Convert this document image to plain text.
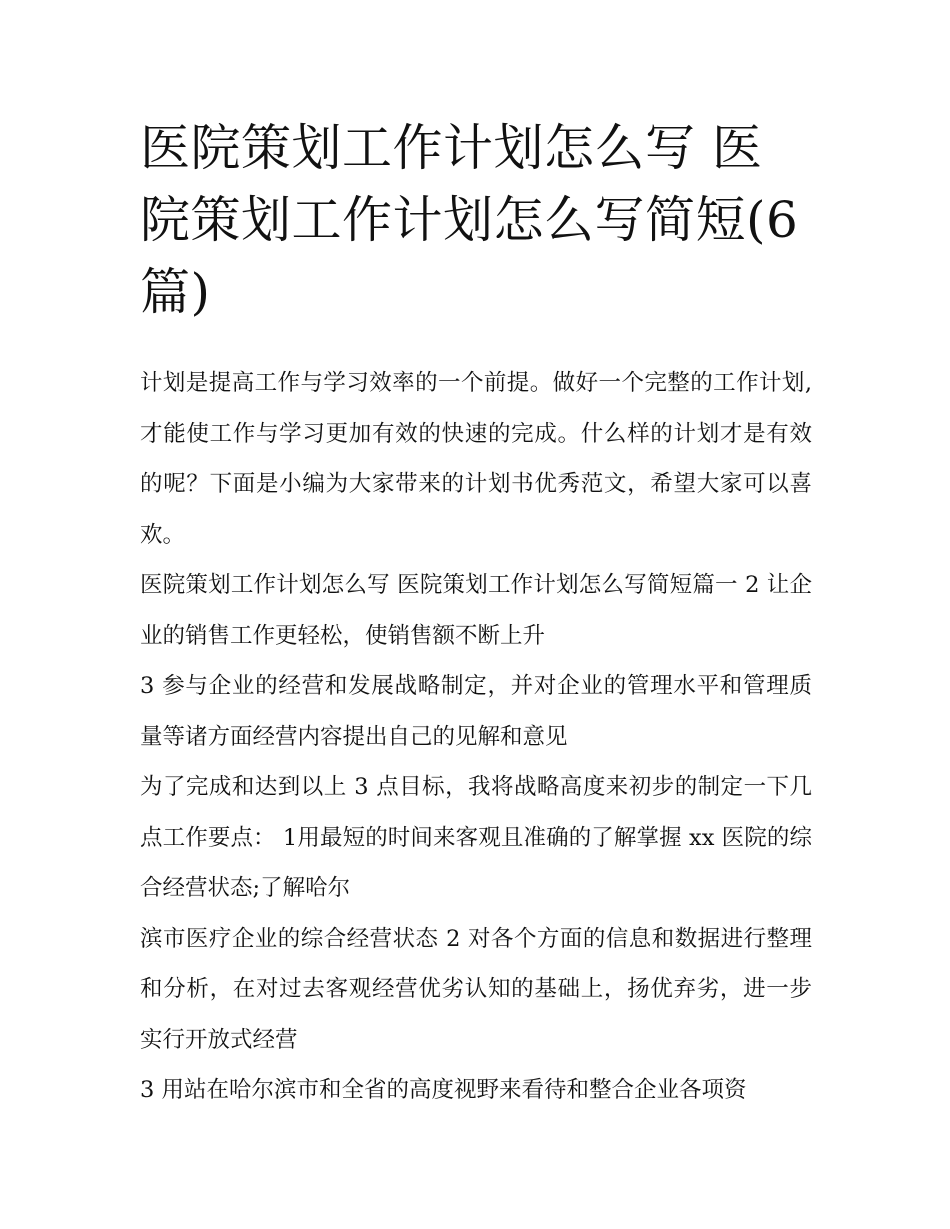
医院策划工作计划怎么写 医院策划工作计划怎么写简短(6篇)

计划是提高工作与学习效率的一个前提。做好一个完整的工作计划,才能使工作与学习更加有效的快速的完成。什么样的计划才是有效的呢？下面是小编为大家带来的计划书优秀范文，希望大家可以喜欢。

医院策划工作计划怎么写 医院策划工作计划怎么写简短篇一 2 让企业的销售工作更轻松，使销售额不断上升

3 参与企业的经营和发展战略制定，并对企业的管理水平和管理质量等诸方面经营内容提出自己的见解和意见

为了完成和达到以上 3 点目标，我将战略高度来初步的制定一下几点工作要点： 1用最短的时间来客观且准确的了解掌握 xx 医院的综合经营状态;了解哈尔

滨市医疗企业的综合经营状态 2 对各个方面的信息和数据进行整理和分析，在对过去客观经营优劣认知的基础上，扬优弃劣，进一步实行开放式经营

3 用站在哈尔滨市和全省的高度视野来看待和整合企业各项资
